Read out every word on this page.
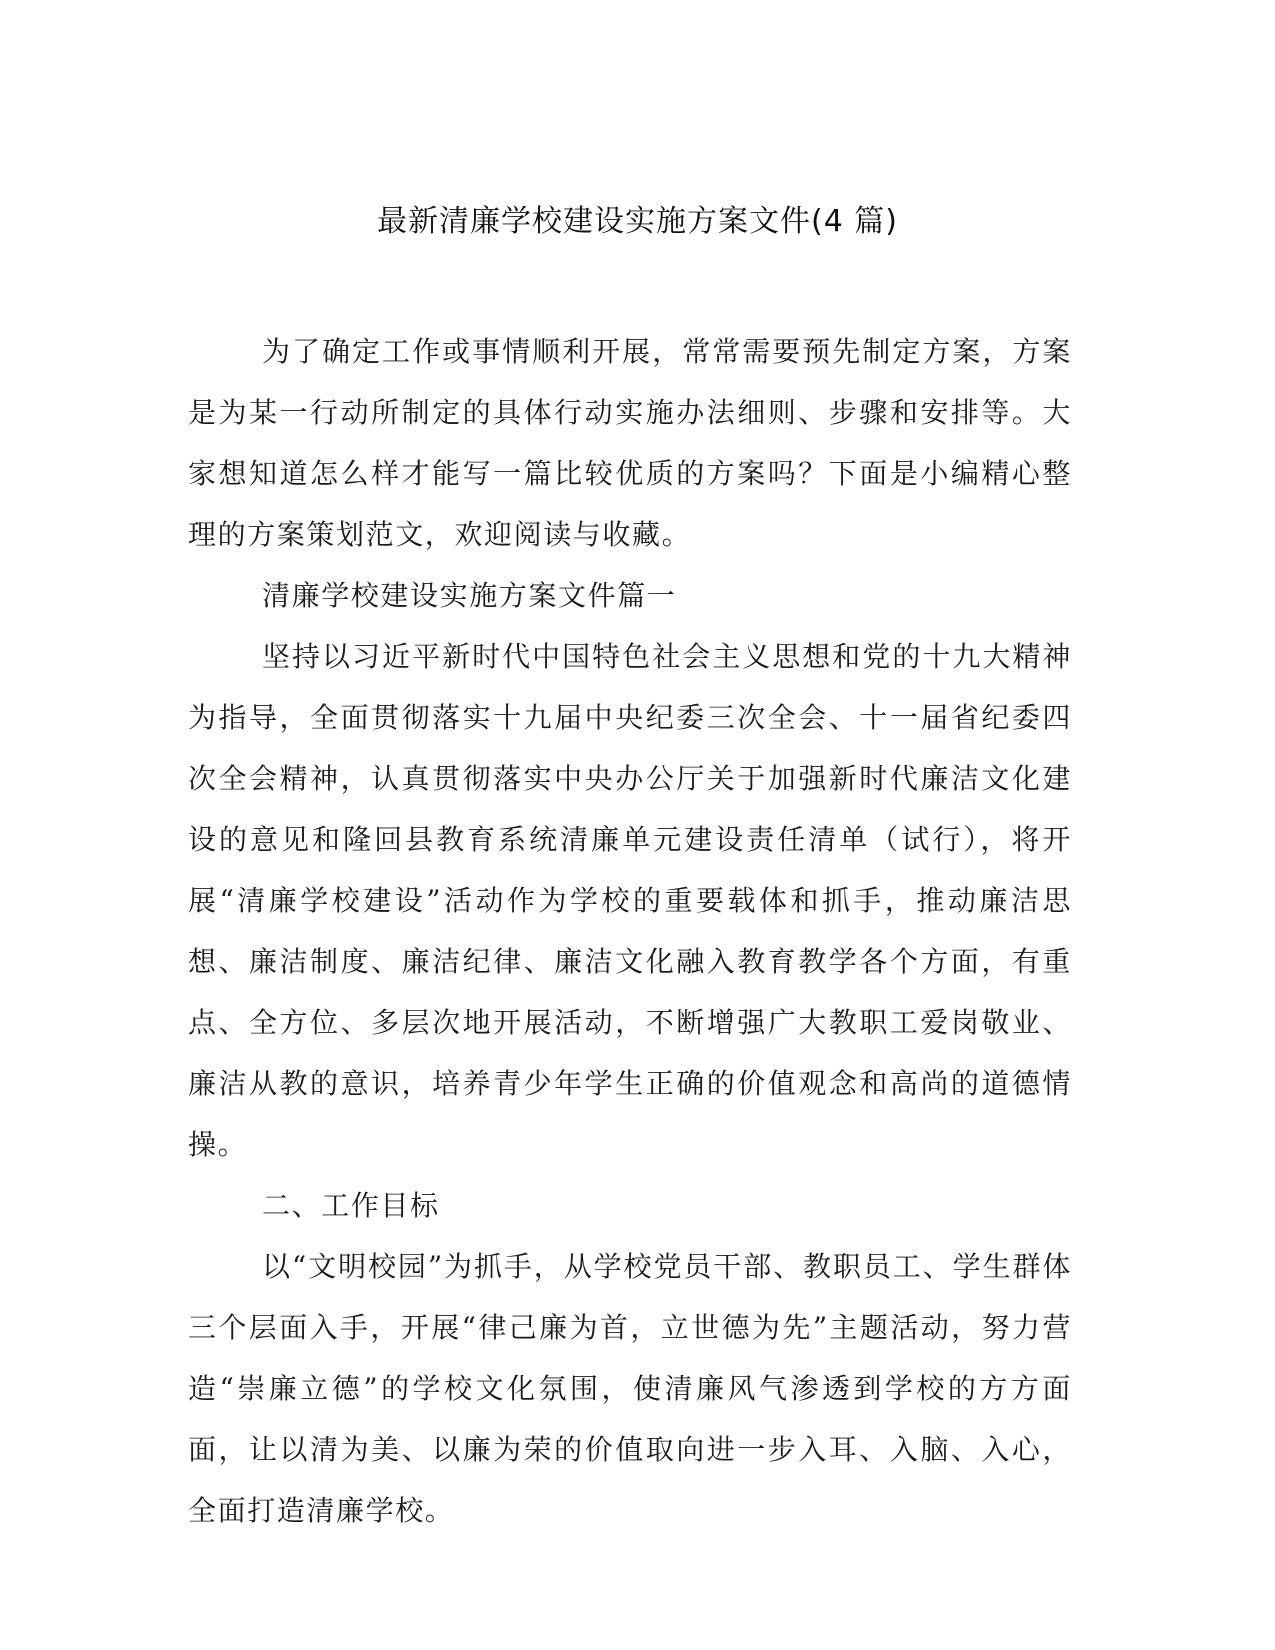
最新清廉学校建设实施方案文件(4 篇)

为了确定工作或事情顺利开展，常常需要预先制定方案，方案是为某一行动所制定的具体行动实施办法细则、步骤和安排等。大家想知道怎么样才能写一篇比较优质的方案吗？下面是小编精心整理的方案策划范文，欢迎阅读与收藏。

清廉学校建设实施方案文件篇一

坚持以习近平新时代中国特色社会主义思想和党的十九大精神为指导，全面贯彻落实十九届中央纪委三次全会、十一届省纪委四次全会精神，认真贯彻落实中央办公厅关于加强新时代廉洁文化建设的意见和隆回县教育系统清廉单元建设责任清单（试行），将开展“清廉学校建设”活动作为学校的重要载体和抓手，推动廉洁思想、廉洁制度、廉洁纪律、廉洁文化融入教育教学各个方面，有重点、全方位、多层次地开展活动，不断增强广大教职工爱岗敬业、廉洁从教的意识，培养青少年学生正确的价值观念和高尚的道德情操。

二、工作目标

以“文明校园”为抓手，从学校党员干部、教职员工、学生群体三个层面入手，开展“律己廉为首，立世德为先”主题活动，努力营造“崇廉立德”的学校文化氛围，使清廉风气渗透到学校的方方面面，让以清为美、以廉为荣的价值取向进一步入耳、入脑、入心，全面打造清廉学校。
